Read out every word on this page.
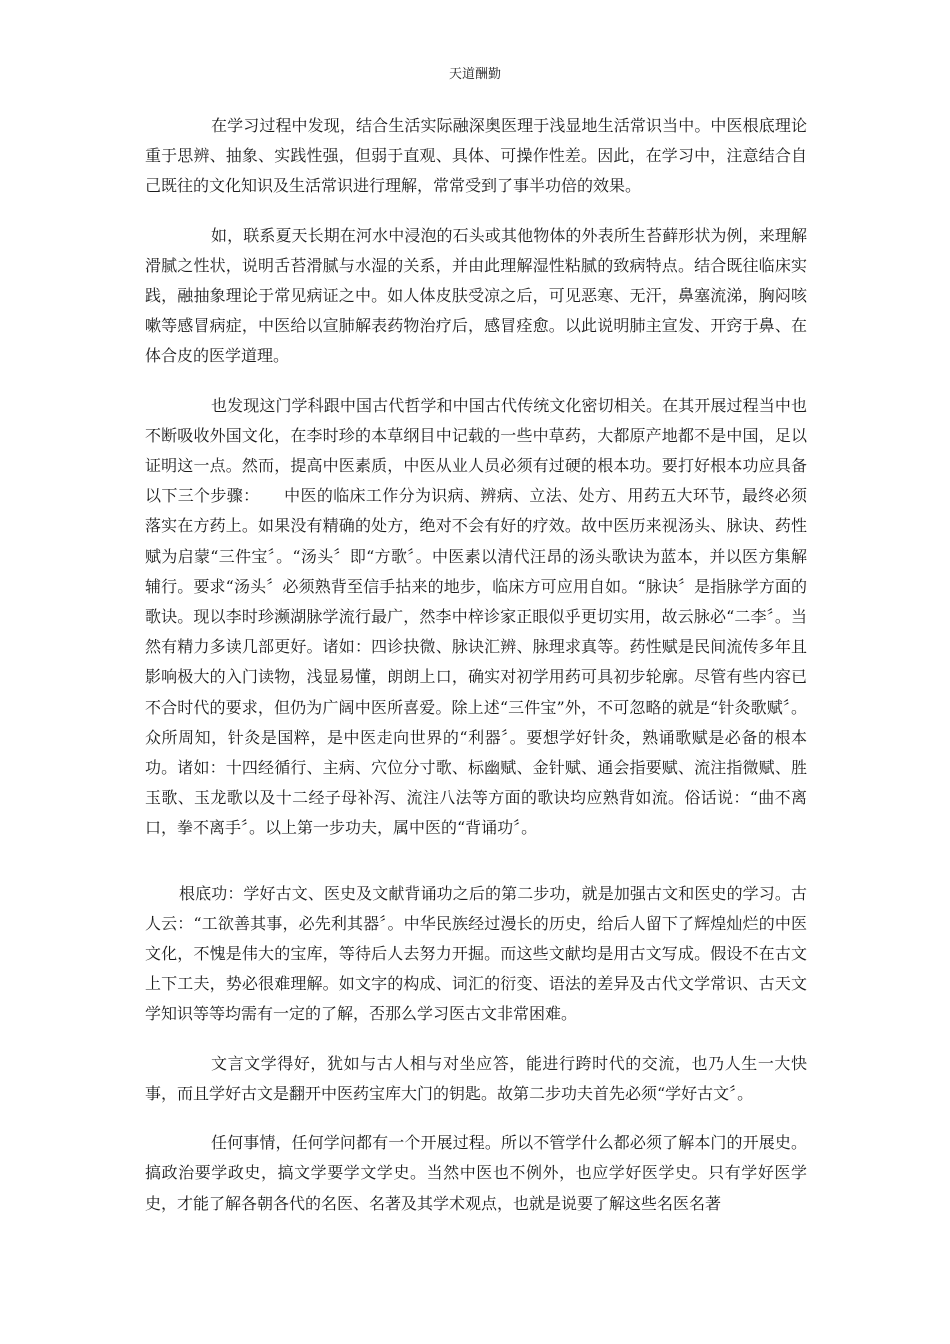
天道酬勤

在学习过程中发现，结合生活实际融深奥医理于浅显地生活常识当中。中医根底理论重于思辨、抽象、实践性强，但弱于直观、具体、可操作性差。因此，在学习中，注意结合自己既往的文化知识及生活常识进行理解，常常受到了事半功倍的效果。

如，联系夏天长期在河水中浸泡的石头或其他物体的外表所生苔藓形状为例，来理解滑腻之性状，说明舌苔滑腻与水湿的关系，并由此理解湿性粘腻的致病特点。结合既往临床实践，融抽象理论于常见病证之中。如人体皮肤受凉之后，可见恶寒、无汗，鼻塞流涕，胸闷咳嗽等感冒病症，中医给以宣肺解表药物治疗后，感冒痊愈。以此说明肺主宣发、开窍于鼻、在体合皮的医学道理。

也发现这门学科跟中国古代哲学和中国古代传统文化密切相关。在其开展过程当中也不断吸收外国文化，在李时珍的本草纲目中记载的一些中草药，大都原产地都不是中国，足以证明这一点。然而，提高中医素质，中医从业人员必须有过硬的根本功。要打好根本功应具备以下三个步骤：　　中医的临床工作分为识病、辨病、立法、处方、用药五大环节，最终必须落实在方药上。如果没有精确的处方，绝对不会有好的疗效。故中医历来视汤头、脉诀、药性赋为启蒙“三件宝〞。“汤头〞即“方歌〞。中医素以清代汪昂的汤头歌诀为蓝本，并以医方集解辅行。要求“汤头〞必须熟背至信手拈来的地步，临床方可应用自如。“脉诀〞是指脉学方面的歌诀。现以李时珍濒湖脉学流行最广，然李中梓诊家正眼似乎更切实用，故云脉必“二李〞。当然有精力多读几部更好。诸如：四诊抉微、脉诀汇辨、脉理求真等。药性赋是民间流传多年且影响极大的入门读物，浅显易懂，朗朗上口，确实对初学用药可具初步轮廓。尽管有些内容已不合时代的要求，但仍为广阔中医所喜爱。除上述“三件宝”外，不可忽略的就是“针灸歌赋〞。众所周知，针灸是国粹，是中医走向世界的“利器〞。要想学好针灸，熟诵歌赋是必备的根本功。诸如：十四经循行、主病、穴位分寸歌、标幽赋、金针赋、通会指要赋、流注指微赋、胜玉歌、玉龙歌以及十二经子母补泻、流注八法等方面的歌诀均应熟背如流。俗话说：“曲不离口，拳不离手〞。以上第一步功夫，属中医的“背诵功〞。

根底功：学好古文、医史及文献背诵功之后的第二步功，就是加强古文和医史的学习。古人云：“工欲善其事，必先利其器〞。中华民族经过漫长的历史，给后人留下了辉煌灿烂的中医文化，不愧是伟大的宝库，等待后人去努力开掘。而这些文献均是用古文写成。假设不在古文上下工夫，势必很难理解。如文字的构成、词汇的衍变、语法的差异及古代文学常识、古天文学知识等等均需有一定的了解，否那么学习医古文非常困难。

文言文学得好，犹如与古人相与对坐应答，能进行跨时代的交流，也乃人生一大快事，而且学好古文是翻开中医药宝库大门的钥匙。故第二步功夫首先必须“学好古文〞。

任何事情，任何学问都有一个开展过程。所以不管学什么都必须了解本门的开展史。搞政治要学政史，搞文学要学文学史。当然中医也不例外，也应学好医学史。只有学好医学史，才能了解各朝各代的名医、名著及其学术观点，也就是说要了解这些名医名著
